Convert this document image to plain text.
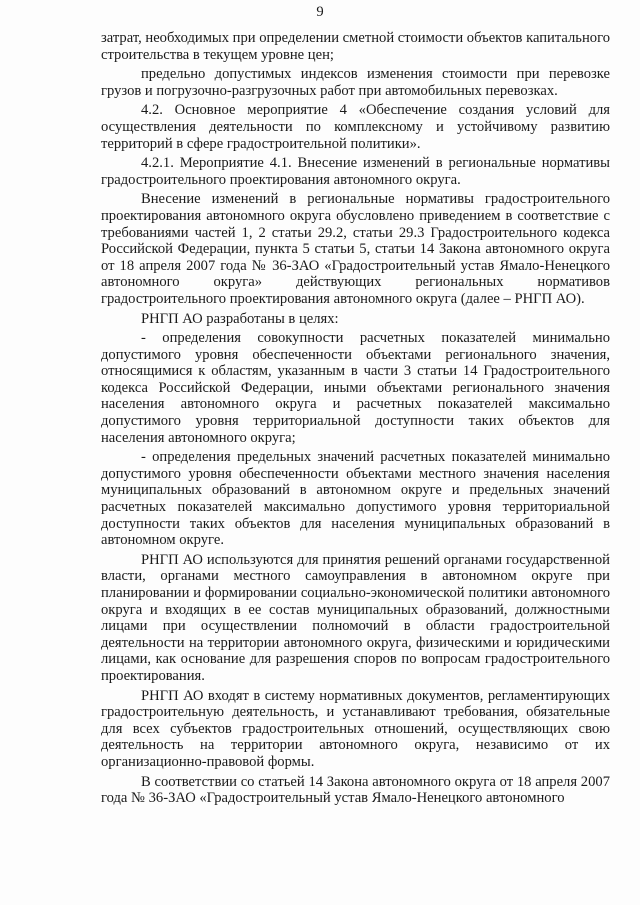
9

затрат, необходимых при определении сметной стоимости объектов капитального строительства в текущем уровне цен;

предельно допустимых индексов изменения стоимости при перевозке грузов и погрузочно-разгрузочных работ при автомобильных перевозках.

4.2. Основное мероприятие 4 «Обеспечение создания условий для осуществления деятельности по комплексному и устойчивому развитию территорий в сфере градостроительной политики».

4.2.1. Мероприятие 4.1. Внесение изменений в региональные нормативы градостроительного проектирования автономного округа.

Внесение изменений в региональные нормативы градостроительного проектирования автономного округа обусловлено приведением в соответствие с требованиями частей 1, 2 статьи 29.2, статьи 29.3 Градостроительного кодекса Российской Федерации, пункта 5 статьи 5, статьи 14 Закона автономного округа от 18 апреля 2007 года № 36-ЗАО «Градостроительный устав Ямало-Ненецкого автономного округа» действующих региональных нормативов градостроительного проектирования автономного округа (далее – РНГП АО).

РНГП АО разработаны в целях:

- определения совокупности расчетных показателей минимально допустимого уровня обеспеченности объектами регионального значения, относящимися к областям, указанным в части 3 статьи 14 Градостроительного кодекса Российской Федерации, иными объектами регионального значения населения автономного округа и расчетных показателей максимально допустимого уровня территориальной доступности таких объектов для населения автономного округа;

- определения предельных значений расчетных показателей минимально допустимого уровня обеспеченности объектами местного значения населения муниципальных образований в автономном округе и предельных значений расчетных показателей максимально допустимого уровня территориальной доступности таких объектов для населения муниципальных образований в автономном округе.

РНГП АО используются для принятия решений органами государственной власти, органами местного самоуправления в автономном округе при планировании и формировании социально-экономической политики автономного округа и входящих в ее состав муниципальных образований, должностными лицами при осуществлении полномочий в области градостроительной деятельности на территории автономного округа, физическими и юридическими лицами, как основание для разрешения споров по вопросам градостроительного проектирования.

РНГП АО входят в систему нормативных документов, регламентирующих градостроительную деятельность, и устанавливают требования, обязательные для всех субъектов градостроительных отношений, осуществляющих свою деятельность на территории автономного округа, независимо от их организационно-правовой формы.

В соответствии со статьей 14 Закона автономного округа от 18 апреля 2007 года № 36-ЗАО «Градостроительный устав Ямало-Ненецкого автономного
